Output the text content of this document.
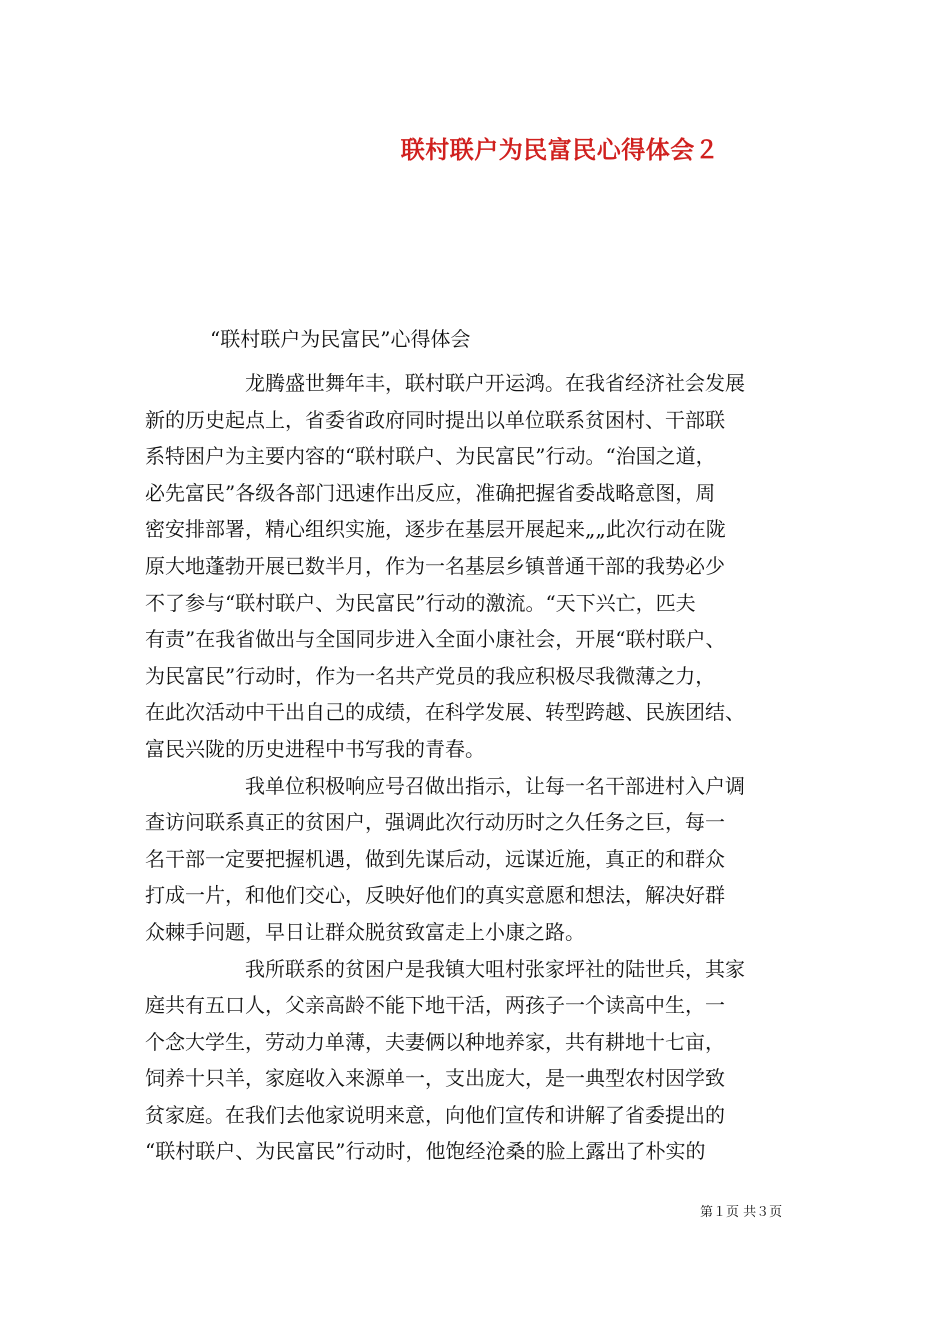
联村联户为民富民心得体会２
“联村联户为民富民”心得体会
龙腾盛世舞年丰，联村联户开运鸿。在我省经济社会发展
新的历史起点上，省委省政府同时提出以单位联系贫困村、干部联
系特困户为主要内容的“联村联户、为民富民”行动。“治国之道，
必先富民”各级各部门迅速作出反应，准确把握省委战略意图，周
密安排部署，精心组织实施，逐步在基层开展起来„„此次行动在陇
原大地蓬勃开展已数半月，作为一名基层乡镇普通干部的我势必少
不了参与“联村联户、为民富民”行动的激流。“天下兴亡，匹夫
有责”在我省做出与全国同步进入全面小康社会，开展“联村联户、
为民富民”行动时，作为一名共产党员的我应积极尽我微薄之力，
在此次活动中干出自己的成绩，在科学发展、转型跨越、民族团结、
富民兴陇的历史进程中书写我的青春。
我单位积极响应号召做出指示，让每一名干部进村入户调
查访问联系真正的贫困户，强调此次行动历时之久任务之巨，每一
名干部一定要把握机遇，做到先谋后动，远谋近施，真正的和群众
打成一片，和他们交心，反映好他们的真实意愿和想法，解决好群
众棘手问题，早日让群众脱贫致富走上小康之路。
我所联系的贫困户是我镇大咀村张家坪社的陆世兵，其家
庭共有五口人，父亲高龄不能下地干活，两孩子一个读高中生，一
个念大学生，劳动力单薄，夫妻俩以种地养家，共有耕地十七亩，
饲养十只羊，家庭收入来源单一，支出庞大，是一典型农村因学致
贫家庭。在我们去他家说明来意，向他们宣传和讲解了省委提出的
“联村联户、为民富民”行动时，他饱经沧桑的脸上露出了朴实的
第１页 共３页
